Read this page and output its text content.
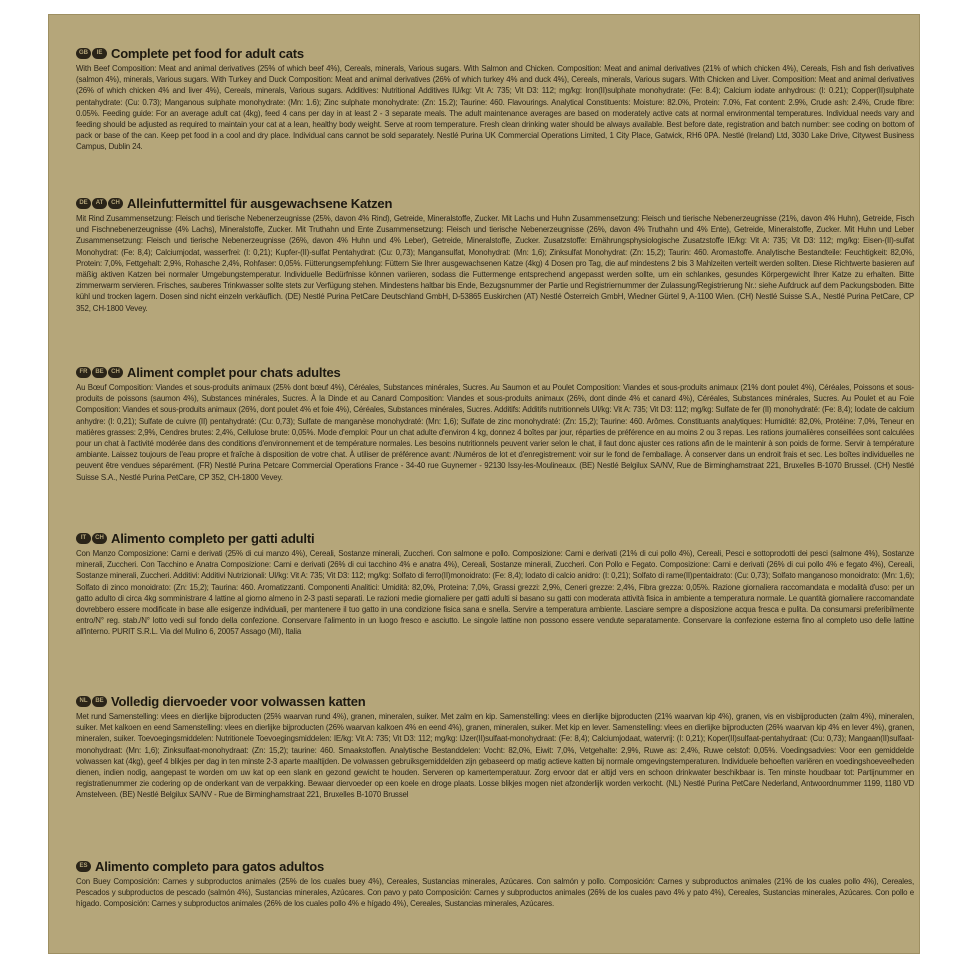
GB	IE Complete pet food for adult cats
With Beef Composition: Meat and animal derivatives (25% of which beef 4%), Cereals, minerals, Various sugars. With Salmon and Chicken. Composition: Meat and animal derivatives (21% of which chicken 4%), Cereals, Fish and fish derivatives (salmon 4%), minerals, Various sugars. With Turkey and Duck Composition: Meat and animal derivatives (26% of which turkey 4% and duck 4%), Cereals, minerals, Various sugars. With Chicken and Liver. Composition: Meat and animal derivatives (26% of which chicken 4% and liver 4%), Cereals, minerals, Various sugars. Additives: Nutritional Additives IU/kg: Vit A: 735; Vit D3: 112; mg/kg: Iron(II)sulphate monohydrate: (Fe: 8.4); Calcium iodate anhydrous: (I: 0.21); Copper(II)sulphate pentahydrate: (Cu: 0.73); Manganous sulphate monohydrate: (Mn: 1.6); Zinc sulphate monohydrate: (Zn: 15.2); Taurine: 460. Flavourings. Analytical Constituents: Moisture: 82.0%, Protein: 7.0%, Fat content: 2.9%, Crude ash: 2.4%, Crude fibre: 0.05%. Feeding guide: For an average adult cat (4kg), feed 4 cans per day in at least 2 - 3 separate meals. The adult maintenance averages are based on moderately active cats at normal environmental temperatures. Individual needs vary and feeding should be adjusted as required to maintain your cat at a lean, healthy body weight. Serve at room temperature. Fresh clean drinking water should be always available. Best before date, registration and batch number: see coding on bottom of pack or base of the can. Keep pet food in a cool and dry place. Individual cans cannot be sold separately. Nestlé Purina UK Commercial Operations Limited, 1 City Place, Gatwick, RH6 0PA. Nestlé (Ireland) Ltd, 3030 Lake Drive, Citywest Business Campus, Dublin 24.
DE	AT	CH Alleinfuttermittel für ausgewachsene Katzen
Mit Rind Zusammensetzung: Fleisch und tierische Nebenerzeugnisse (25%, davon 4% Rind), Getreide, Mineralstoffe, Zucker. Mit Lachs und Huhn Zusammensetzung: Fleisch und tierische Nebenerzeugnisse (21%, davon 4% Huhn), Getreide, Fisch und Fischnebenerzeugnisse (4% Lachs), Mineralstoffe, Zucker. Mit Truthahn und Ente Zusammensetzung: Fleisch und tierische Nebenerzeugnisse (26%, davon 4% Truthahn und 4% Ente), Getreide, Mineralstoffe, Zucker. Mit Huhn und Leber Zusammensetzung: Fleisch und tierische Nebenerzeugnisse (26%, davon 4% Huhn und 4% Leber), Getreide, Mineralstoffe, Zucker. Zusatzstoffe: Ernährungsphysiologische Zusatzstoffe IE/kg: Vit A: 735; Vit D3: 112; mg/kg: Eisen-(II)-sulfat Monohydrat: (Fe: 8,4); Calciumjodat, wasserfrei: (I: 0,21); Kupfer-(II)-sulfat Pentahydrat: (Cu: 0,73); Mangansulfat, Monohydrat: (Mn: 1,6); Zinksulfat Monohydrat: (Zn: 15,2); Taurin: 460. Aromastoffe. Analytische Bestandteile: Feuchtigkeit: 82,0%, Protein: 7,0%, Fettgehalt: 2,9%, Rohasche 2,4%, Rohfaser: 0,05%. Fütterungsempfehlung: Füttern Sie Ihrer ausgewachsenen Katze (4kg) 4 Dosen pro Tag, die auf mindestens 2 bis 3 Mahlzeiten verteilt werden sollten. Diese Richtwerte basieren auf mäßig aktiven Katzen bei normaler Umgebungstemperatur. Individuelle Bedürfnisse können variieren, sodass die Futtermenge entsprechend angepasst werden sollte, um ein schlankes, gesundes Körpergewicht Ihrer Katze zu erhalten. Bitte zimmerwarm servieren. Frisches, sauberes Trinkwasser sollte stets zur Verfügung stehen. Mindestens haltbar bis Ende, Bezugsnummer der Partie und Registriernummer der Zulassung/Registrierung Nr.: siehe Aufdruck auf dem Packungsboden. Bitte kühl und trocken lagern. Dosen sind nicht einzeln verkäuflich. (DE) Nestlé Purina PetCare Deutschland GmbH, D-53865 Euskirchen (AT) Nestlé Österreich GmbH, Wiedner Gürtel 9, A-1100 Wien. (CH) Nestlé Suisse S.A., Nestlé Purina PetCare, CP 352, CH-1800 Vevey.
FR	BE	CH Aliment complet pour chats adultes
Au Bœuf Composition: Viandes et sous-produits animaux (25% dont bœuf 4%), Céréales, Substances minérales, Sucres. Au Saumon et au Poulet Composition: Viandes et sous-produits animaux (21% dont poulet 4%), Céréales, Poissons et sous-produits de poissons (saumon 4%), Substances minérales, Sucres. À la Dinde et au Canard Composition: Viandes et sous-produits animaux (26%, dont dinde 4% et canard 4%), Céréales, Substances minérales, Sucres. Au Poulet et au Foie Composition: Viandes et sous-produits animaux (26%, dont poulet 4% et foie 4%), Céréales, Substances minérales, Sucres. Additifs: Additifs nutritionnels UI/kg: Vit A: 735; Vit D3: 112; mg/kg: Sulfate de fer (II) monohydraté: (Fe: 8,4); Iodate de calcium anhydre: (I: 0,21); Sulfate de cuivre (II) pentahydraté: (Cu: 0,73); Sulfate de manganèse monohydraté: (Mn: 1,6); Sulfate de zinc monohydraté: (Zn: 15,2); Taurine: 460. Arômes. Constituants analytiques: Humidité: 82,0%, Protéine: 7,0%, Teneur en matières grasses: 2,9%, Cendres brutes: 2,4%, Cellulose brute: 0,05%. Mode d'emploi: Pour un chat adulte d'environ 4 kg, donnez 4 boîtes par jour, réparties de préférence en au moins 2 ou 3 repas. Les rations journalières conseillées sont calculées pour un chat à l'activité modérée dans des conditions d'environnement et de température normales. Les besoins nutritionnels peuvent varier selon le chat, il faut donc ajuster ces rations afin de le maintenir à son poids de forme. Servir à température ambiante. Laissez toujours de l'eau propre et fraîche à disposition de votre chat. À utiliser de préférence avant: /Numéros de lot et d'enregistrement: voir sur le fond de l'emballage. À conserver dans un endroit frais et sec. Les boîtes individuelles ne peuvent être vendues séparément. (FR) Nestlé Purina Petcare Commercial Operations France - 34-40 rue Guynemer - 92130 Issy-les-Moulineaux. (BE) Nestlé Belgilux SA/NV, Rue de Birminghamstraat 221, Bruxelles B-1070 Brussel. (CH) Nestlé Suisse S.A., Nestlé Purina PetCare, CP 352, CH-1800 Vevey.
IT	CH Alimento completo per gatti adulti
Con Manzo Composizione: Carni e derivati (25% di cui manzo 4%), Cereali, Sostanze minerali, Zuccheri. Con salmone e pollo. Composizione: Carni e derivati (21% di cui pollo 4%), Cereali, Pesci e sottoprodotti dei pesci (salmone 4%), Sostanze minerali, Zuccheri. Con Tacchino e Anatra Composizione: Carni e derivati (26% di cui tacchino 4% e anatra 4%), Cereali, Sostanze minerali, Zuccheri. Con Pollo e Fegato. Composizione: Carni e derivati (26% di cui pollo 4% e fegato 4%), Cereali, Sostanze minerali, Zuccheri. Additivi: Additivi Nutrizionali: UI/kg: Vit A: 735; Vit D3: 112; mg/kg: Solfato di ferro(II)monoidrato: (Fe: 8,4); Iodato di calcio anidro: (I: 0,21); Solfato di rame(II)pentaidrato: (Cu: 0,73); Solfato manganoso monoidrato: (Mn: 1,6); Solfato di zinco monoidrato: (Zn: 15,2); Taurina: 460. Aromatizzanti. Componenti Analitici: Umidità: 82,0%, Proteina: 7,0%, Grassi grezzi: 2,9%, Ceneri grezze: 2,4%, Fibra grezza: 0,05%. Razione giornaliera raccomandata e modalità d'uso: per un gatto adulto di circa 4kg somministrare 4 lattine al giorno almeno in 2-3 pasti separati. Le razioni medie giornaliere per gatti adulti si basano su gatti con moderata attività fisica in ambiente a temperatura normale. Le quantità giornaliere raccomandate dovrebbero essere modificate in base alle esigenze individuali, per mantenere il tuo gatto in una condizione fisica sana e snella. Servire a temperatura ambiente. Lasciare sempre a disposizione acqua fresca e pulita. Da consumarsi preferibilmente entro/N° reg. stab./N° lotto vedi sul fondo della confezione. Conservare l'alimento in un luogo fresco e asciutto. Le singole lattine non possono essere vendute separatamente. Conservare la confezione esterna fino al completo uso delle lattine all'interno. PURIT S.R.L. Via del Mulino 6, 20057 Assago (MI), Italia
NL	BE Volledig diervoeder voor volwassen katten
Met rund Samenstelling: vlees en dierlijke bijproducten (25% waarvan rund 4%), granen, mineralen, suiker. Met zalm en kip. Samenstelling: vlees en dierlijke bijproducten (21% waarvan kip 4%), granen, vis en visbijproducten (zalm 4%), mineralen, suiker. Met kalkoen en eend Samenstelling: vlees en dierlijke bijproducten (26% waarvan kalkoen 4% en eend 4%), granen, mineralen, suiker. Met kip en lever. Samenstelling: vlees en dierlijke bijproducten (26% waarvan kip 4% en lever 4%), granen, mineralen, suiker. Toevoegingsmiddelen: Nutritionele Toevoegingsmiddelen: IE/kg: Vit A: 735; Vit D3: 112; mg/kg: IJzer(II)sulfaat-monohydraat: (Fe: 8,4); Calciumjodaat, watervrij: (I: 0,21); Koper(II)sulfaat-pentahydraat: (Cu: 0,73); Mangaan(II)sulfaat-monohydraat: (Mn: 1,6); Zinksulfaat-monohydraat: (Zn: 15,2); taurine: 460. Smaakstoffen. Analytische Bestanddelen: Vocht: 82,0%, Eiwit: 7,0%, Vetgehalte: 2,9%, Ruwe as: 2,4%, Ruwe celstof: 0,05%. Voedingsadvies: Voor een gemiddelde volwassen kat (4kg), geef 4 blikjes per dag in ten minste 2-3 aparte maaltijden. De volwassen gebruiksgemiddelden zijn gebaseerd op matig actieve katten bij normale omgevingstemperaturen. Individuele behoeften variëren en voedingshoeveelheden dienen, indien nodig, aangepast te worden om uw kat op een slank en gezond gewicht te houden. Serveren op kamertemperatuur. Zorg ervoor dat er altijd vers en schoon drinkwater beschikbaar is. Ten minste houdbaar tot: Partijnummer en registratienummer zie codering op de onderkant van de verpakking. Bewaar diervoeder op een koele en droge plaats. Losse blikjes mogen niet afzonderlijk worden verkocht. (NL) Nestlé Purina PetCare Nederland, Antwoordnummer 1199, 1180 VD Amstelveen. (BE) Nestlé Belgilux SA/NV - Rue de Birminghamstraat 221, Bruxelles B-1070 Brussel
ES Alimento completo para gatos adultos
Con Buey Composición: Carnes y subproductos animales (25% de los cuales buey 4%), Cereales, Sustancias minerales, Azúcares. Con salmón y pollo. Composición: Carnes y subproductos animales (21% de los cuales pollo 4%), Cereales, Pescados y subproductos de pescado (salmón 4%), Sustancias minerales, Azúcares. Con pavo y pato Composición: Carnes y subproductos animales (26% de los cuales pavo 4% y pato 4%), Cereales, Sustancias minerales, Azúcares. Con pollo e hígado. Composición: Carnes y subproductos animales (26% de los cuales pollo 4% e hígado 4%), Cereales, Sustancias minerales, Azúcares.
